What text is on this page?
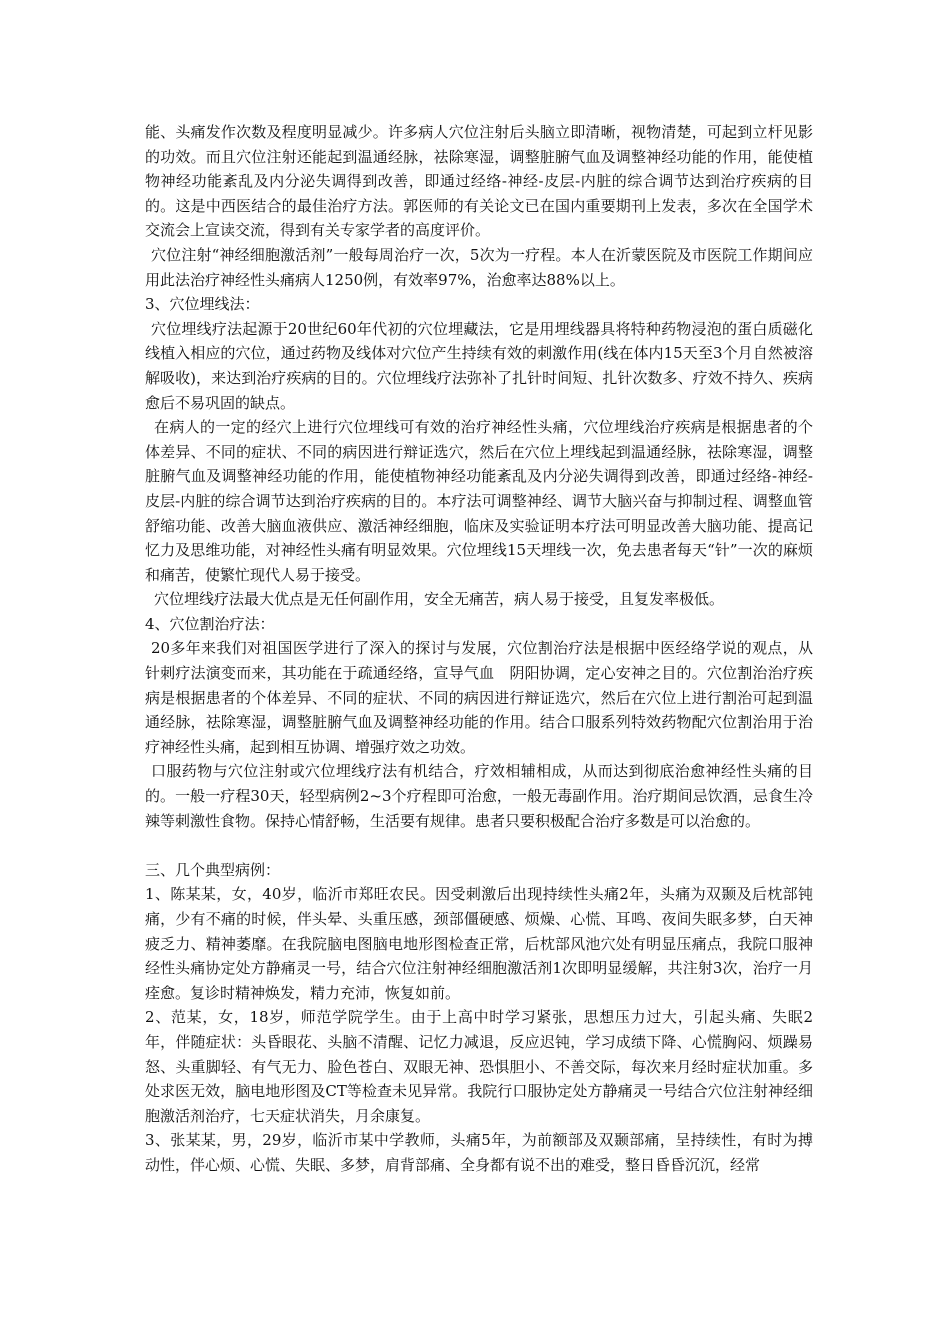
能、头痛发作次数及程度明显减少。许多病人穴位注射后头脑立即清晰，视物清楚，可起到立杆见影的功效。而且穴位注射还能起到温通经脉，祛除寒湿，调整脏腑气血及调整神经功能的作用，能使植物神经功能紊乱及内分泌失调得到改善，即通过经络-神经-皮层-内脏的综合调节达到治疗疾病的目的。这是中西医结合的最佳治疗方法。郭医师的有关论文已在国内重要期刊上发表，多次在全国学术交流会上宣读交流，得到有关专家学者的高度评价。

穴位注射“神经细胞激活剂”一般每周治疗一次，5次为一疗程。本人在沂蒙医院及市医院工作期间应用此法治疗神经性头痛病人1250例，有效率97%，治愈率达88%以上。

3、穴位埋线法：

穴位埋线疗法起源于20世纪60年代初的穴位埋藏法，它是用埋线器具将特种药物浸泡的蛋白质磁化线植入相应的穴位，通过药物及线体对穴位产生持续有效的刺激作用(线在体内15天至3个月自然被溶解吸收)，来达到治疗疾病的目的。穴位埋线疗法弥补了扎针时间短、扎针次数多、疗效不持久、疾病愈后不易巩固的缺点。

在病人的一定的经穴上进行穴位埋线可有效的治疗神经性头痛，穴位埋线治疗疾病是根据患者的个体差异、不同的症状、不同的病因进行辩证选穴，然后在穴位上埋线起到温通经脉，祛除寒湿，调整脏腑气血及调整神经功能的作用，能使植物神经功能紊乱及内分泌失调得到改善，即通过经络-神经-皮层-内脏的综合调节达到治疗疾病的目的。本疗法可调整神经、调节大脑兴奋与抑制过程、调整血管舒缩功能、改善大脑血液供应、激活神经细胞，临床及实验证明本疗法可明显改善大脑功能、提高记忆力及思维功能，对神经性头痛有明显效果。穴位埋线15天埋线一次，免去患者每天“针”一次的麻烦和痛苦，使繁忙现代人易于接受。

穴位埋线疗法最大优点是无任何副作用，安全无痛苦，病人易于接受，且复发率极低。

4、穴位割治疗法：

20多年来我们对祖国医学进行了深入的探讨与发展，穴位割治疗法是根据中医经络学说的观点，从针刺疗法演变而来，其功能在于疏通经络，宣导气血　阴阳协调，定心安神之目的。穴位割治治疗疾病是根据患者的个体差异、不同的症状、不同的病因进行辩证选穴，然后在穴位上进行割治可起到温通经脉，祛除寒湿，调整脏腑气血及调整神经功能的作用。结合口服系列特效药物配穴位割治用于治疗神经性头痛，起到相互协调、增强疗效之功效。

口服药物与穴位注射或穴位埋线疗法有机结合，疗效相辅相成，从而达到彻底治愈神经性头痛的目的。一般一疗程30天，轻型病例2~3个疗程即可治愈，一般无毒副作用。治疗期间忌饮酒，忌食生冷辣等刺激性食物。保持心情舒畅，生活要有规律。患者只要积极配合治疗多数是可以治愈的。

三、几个典型病例：

1、陈某某，女，40岁，临沂市郑旺农民。因受刺激后出现持续性头痛2年，头痛为双颞及后枕部钝痛，少有不痛的时候，伴头晕、头重压感，颈部僵硬感、烦燥、心慌、耳鸣、夜间失眠多梦，白天神疲乏力、精神萎靡。在我院脑电图脑电地形图检查正常，后枕部风池穴处有明显压痛点，我院口服神经性头痛协定处方静痛灵一号，结合穴位注射神经细胞激活剂1次即明显缓解，共注射3次，治疗一月痊愈。复诊时精神焕发，精力充沛，恢复如前。

2、范某，女，18岁，师范学院学生。由于上高中时学习紧张，思想压力过大，引起头痛、失眠2年，伴随症状：头昏眼花、头脑不清醒、记忆力减退，反应迟钝，学习成绩下降、心慌胸闷、烦躁易怒、头重脚轻、有气无力、脸色苍白、双眼无神、恐惧胆小、不善交际，每次来月经时症状加重。多处求医无效，脑电地形图及CT等检查未见异常。我院行口服协定处方静痛灵一号结合穴位注射神经细胞激活剂治疗，七天症状消失，月余康复。

3、张某某，男，29岁，临沂市某中学教师，头痛5年，为前额部及双颞部痛，呈持续性，有时为搏动性，伴心烦、心慌、失眠、多梦，肩背部痛、全身都有说不出的难受，整日昏昏沉沉，经常
